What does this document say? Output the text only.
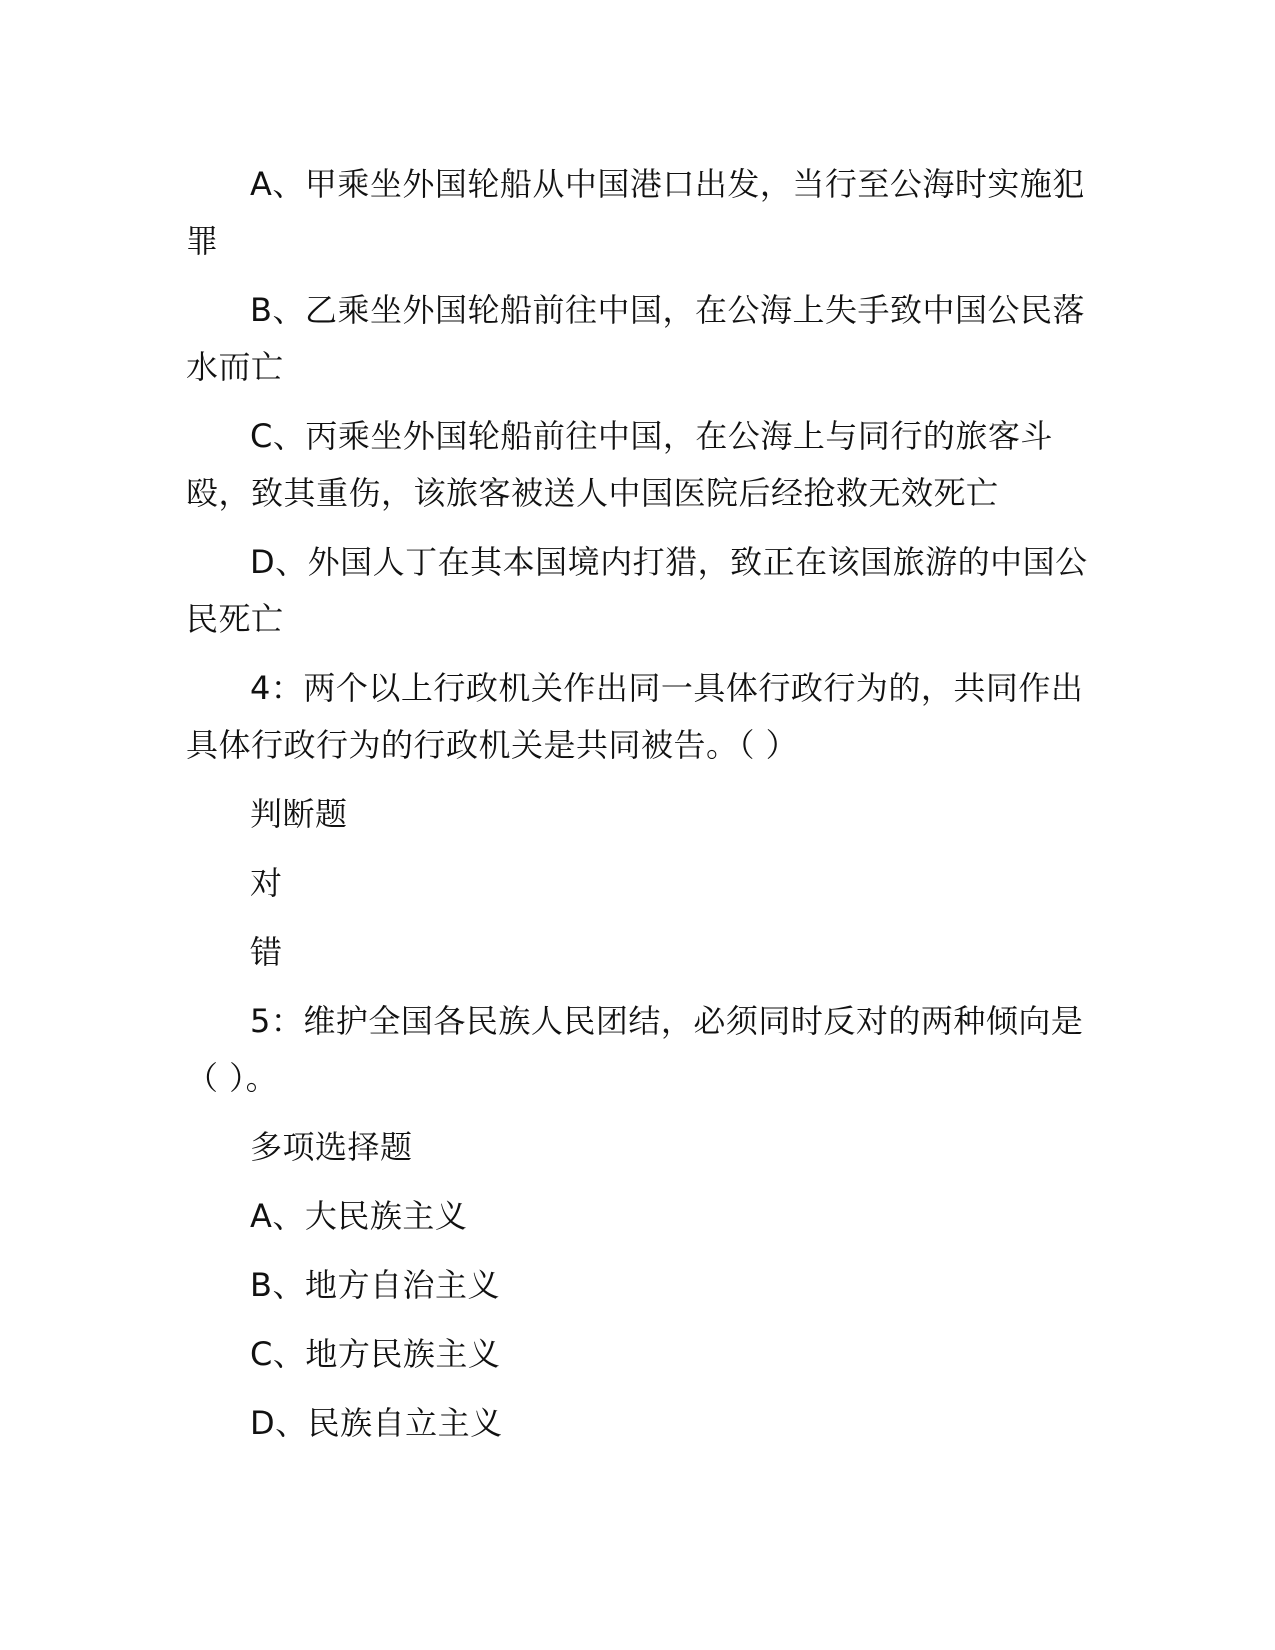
A、甲乘坐外国轮船从中国港口出发，当行至公海时实施犯罪

B、乙乘坐外国轮船前往中国，在公海上失手致中国公民落水而亡

C、丙乘坐外国轮船前往中国，在公海上与同行的旅客斗殴，致其重伤，该旅客被送人中国医院后经抢救无效死亡

D、外国人丁在其本国境内打猎，致正在该国旅游的中国公民死亡

4：两个以上行政机关作出同一具体行政行为的，共同作出具体行政行为的行政机关是共同被告。（ ）

判断题

对

错

5：维护全国各民族人民团结，必须同时反对的两种倾向是（ ）。

多项选择题

A、大民族主义

B、地方自治主义

C、地方民族主义

D、民族自立主义
